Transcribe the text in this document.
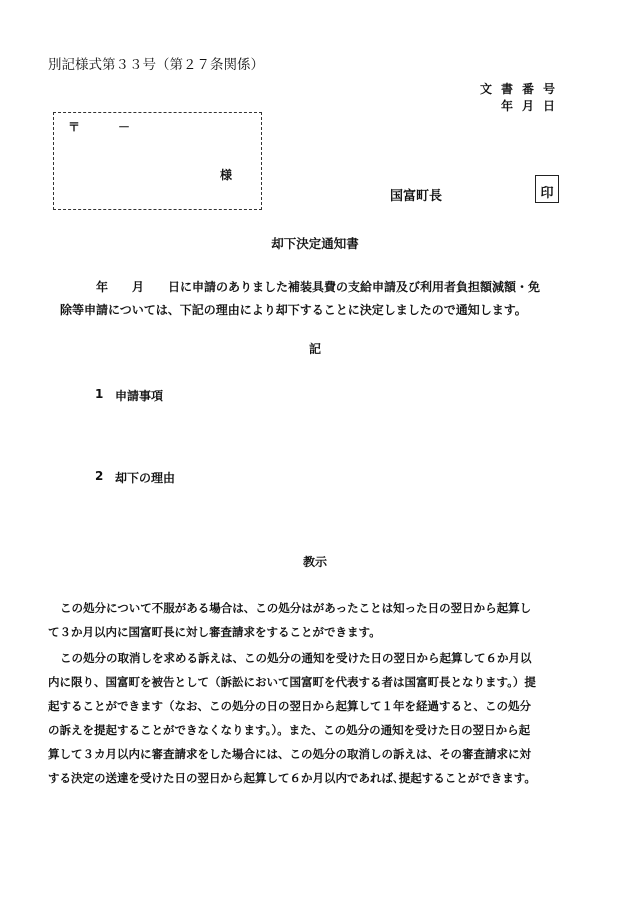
別記様式第３３号（第２７条関係）
文書番号
年月日
〒	－
様
国富町長	印
却下決定通知書
年　　月　　日に申請のありました補装具費の支給申請及び利用者負担額減額・免
除等申請については、下記の理由により却下することに決定しましたので通知します。
記
1 申請事項
2 却下の理由
教示
この処分について不服がある場合は、この処分はがあったことは知った日の翌日から起算し
て３か月以内に国富町長に対し審査請求をすることができます。
この処分の取消しを求める訴えは、この処分の通知を受けた日の翌日から起算して６か月以
内に限り、国富町を被告として（訴訟において国富町を代表する者は国富町長となります。）提
起することができます（なお、この処分の日の翌日から起算して１年を経過すると、この処分
の訴えを提起することができなくなります。）。また、この処分の通知を受けた日の翌日から起
算して３カ月以内に審査請求をした場合には、この処分の取消しの訴えは、その審査請求に対
する決定の送達を受けた日の翌日から起算して６か月以内であれば､提起することができます。
